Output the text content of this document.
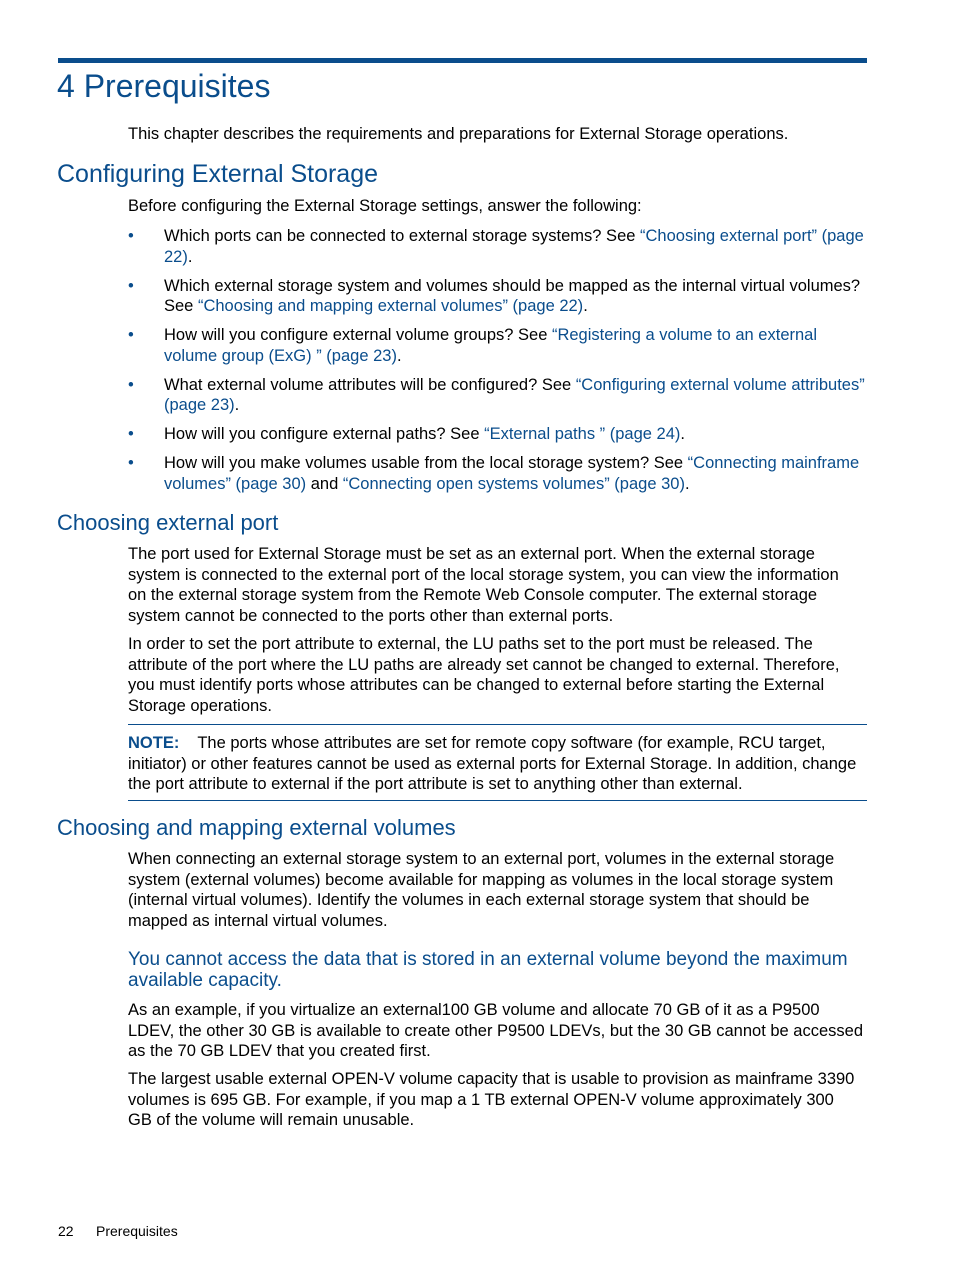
4 Prerequisites

This chapter describes the requirements and preparations for External Storage operations.

Configuring External Storage

Before configuring the External Storage settings, answer the following:

• Which ports can be connected to external storage systems? See “Choosing external port” (page 22).
• Which external storage system and volumes should be mapped as the internal virtual volumes? See “Choosing and mapping external volumes” (page 22).
• How will you configure external volume groups? See “Registering a volume to an external volume group (ExG) ” (page 23).
• What external volume attributes will be configured? See “Configuring external volume attributes” (page 23).
• How will you configure external paths? See “External paths ” (page 24).
• How will you make volumes usable from the local storage system? See “Connecting mainframe volumes” (page 30) and “Connecting open systems volumes” (page 30).
Choosing external port

The port used for External Storage must be set as an external port. When the external storage
system is connected to the external port of the local storage system, you can view the information
on the external storage system from the Remote Web Console computer. The external storage
system cannot be connected to the ports other than external ports.

In order to set the port attribute to external, the LU paths set to the port must be released. The
attribute of the port where the LU paths are already set cannot be changed to external. Therefore,
you must identify ports whose attributes can be changed to external before starting the External
Storage operations.

NOTE: The ports whose attributes are set for remote copy software (for example, RCU target,
initiator) or other features cannot be used as external ports for External Storage. In addition, change
the port attribute to external if the port attribute is set to anything other than external.

Choosing and mapping external volumes

When connecting an external storage system to an external port, volumes in the external storage
system (external volumes) become available for mapping as volumes in the local storage system
(internal virtual volumes). Identify the volumes in each external storage system that should be
mapped as internal virtual volumes.

You cannot access the data that is stored in an external volume beyond the maximum
available capacity.

As an example, if you virtualize an external100 GB volume and allocate 70 GB of it as a P9500
LDEV, the other 30 GB is available to create other P9500 LDEVs, but the 30 GB cannot be accessed
as the 70 GB LDEV that you created first.

The largest usable external OPEN-V volume capacity that is usable to provision as mainframe 3390
volumes is 695 GB. For example, if you map a 1 TB external OPEN-V volume approximately 300
GB of the volume will remain unusable.

22 Prerequisites
